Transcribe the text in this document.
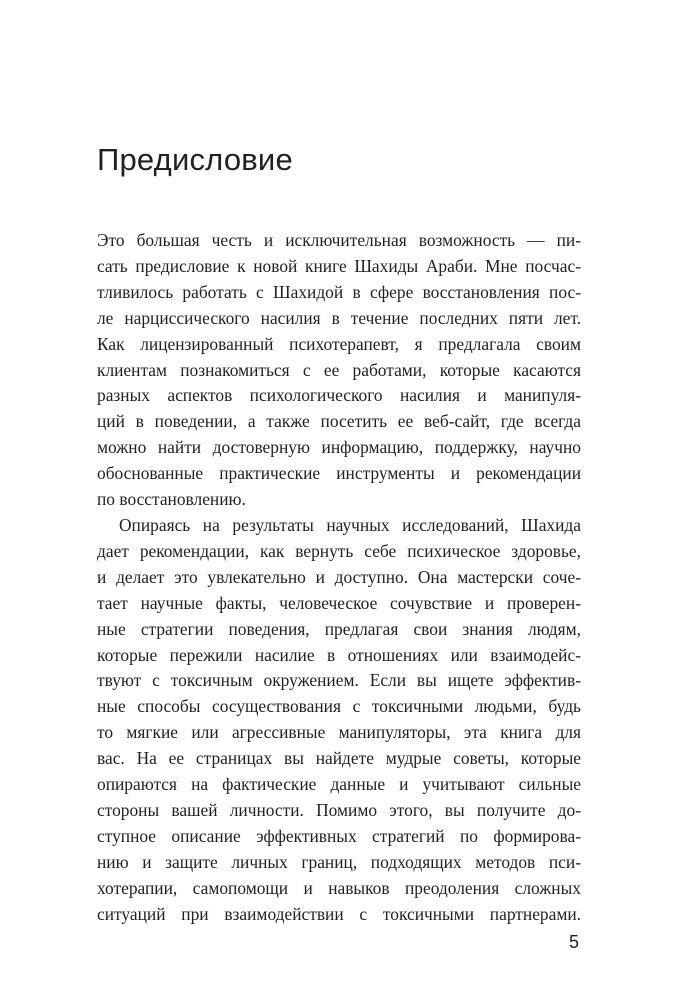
Предисловие

Это большая честь и исключительная возможность — пи-
сать предисловие к новой книге Шахиды Араби. Мне посчас-
тливилось работать с Шахидой в сфере восстановления пос-
ле нарциссического насилия в течение последних пяти лет.
Как лицензированный психотерапевт, я предлагала своим
клиентам познакомиться с ее работами, которые касаются
разных аспектов психологического насилия и манипуля-
ций в поведении, а также посетить ее веб-сайт, где всегда
можно найти достоверную информацию, поддержку, научно
обоснованные практические инструменты и рекомендации
по восстановлению.

Опираясь на результаты научных исследований, Шахида
дает рекомендации, как вернуть себе психическое здоровье,
и делает это увлекательно и доступно. Она мастерски соче-
тает научные факты, человеческое сочувствие и проверен-
ные стратегии поведения, предлагая свои знания людям,
которые пережили насилие в отношениях или взаимодейс-
твуют с токсичным окружением. Если вы ищете эффектив-
ные способы сосуществования с токсичными людьми, будь
то мягкие или агрессивные манипуляторы, эта книга для
вас. На ее страницах вы найдете мудрые советы, которые
опираются на фактические данные и учитывают сильные
стороны вашей личности. Помимо этого, вы получите до-
ступное описание эффективных стратегий по формирова-
нию и защите личных границ, подходящих методов пси-
хотерапии, самопомощи и навыков преодоления сложных
ситуаций при взаимодействии с токсичными партнерами.

5
